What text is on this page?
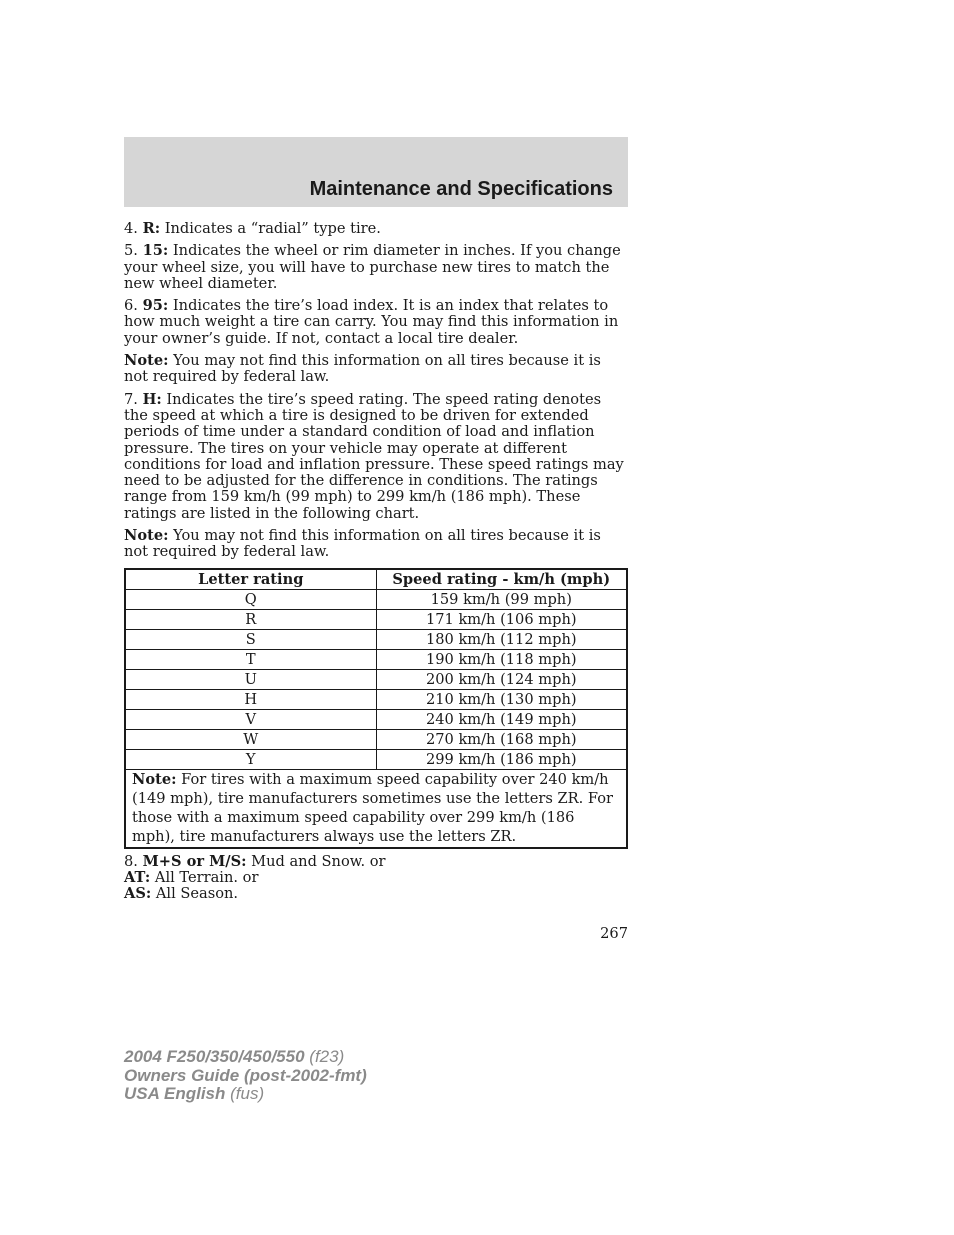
Maintenance and Specifications

4. R: Indicates a “radial” type tire.

5. 15: Indicates the wheel or rim diameter in inches. If you change your wheel size, you will have to purchase new tires to match the new wheel diameter.

6. 95: Indicates the tire’s load index. It is an index that relates to how much weight a tire can carry. You may find this information in your owner’s guide. If not, contact a local tire dealer.

Note: You may not find this information on all tires because it is not required by federal law.

7. H: Indicates the tire’s speed rating. The speed rating denotes the speed at which a tire is designed to be driven for extended periods of time under a standard condition of load and inflation pressure. The tires on your vehicle may operate at different conditions for load and inflation pressure. These speed ratings may need to be adjusted for the difference in conditions. The ratings range from 159 km/h (99 mph) to 299 km/h (186 mph). These ratings are listed in the following chart.

Note: You may not find this information on all tires because it is not required by federal law.

Letter rating	Speed rating - km/h (mph)
Q	159 km/h (99 mph)
R	171 km/h (106 mph)
S	180 km/h (112 mph)
T	190 km/h (118 mph)
U	200 km/h (124 mph)
H	210 km/h (130 mph)
V	240 km/h (149 mph)
W	270 km/h (168 mph)
Y	299 km/h (186 mph)
Note: For tires with a maximum speed capability over 240 km/h (149 mph), tire manufacturers sometimes use the letters ZR. For those with a maximum speed capability over 299 km/h (186 mph), tire manufacturers always use the letters ZR.	
8. M+S or M/S: Mud and Snow. or
AT: All Terrain. or
AS: All Season.
267
2004 F250/350/450/550 (f23)
Owners Guide (post-2002-fmt)
USA English (fus)
